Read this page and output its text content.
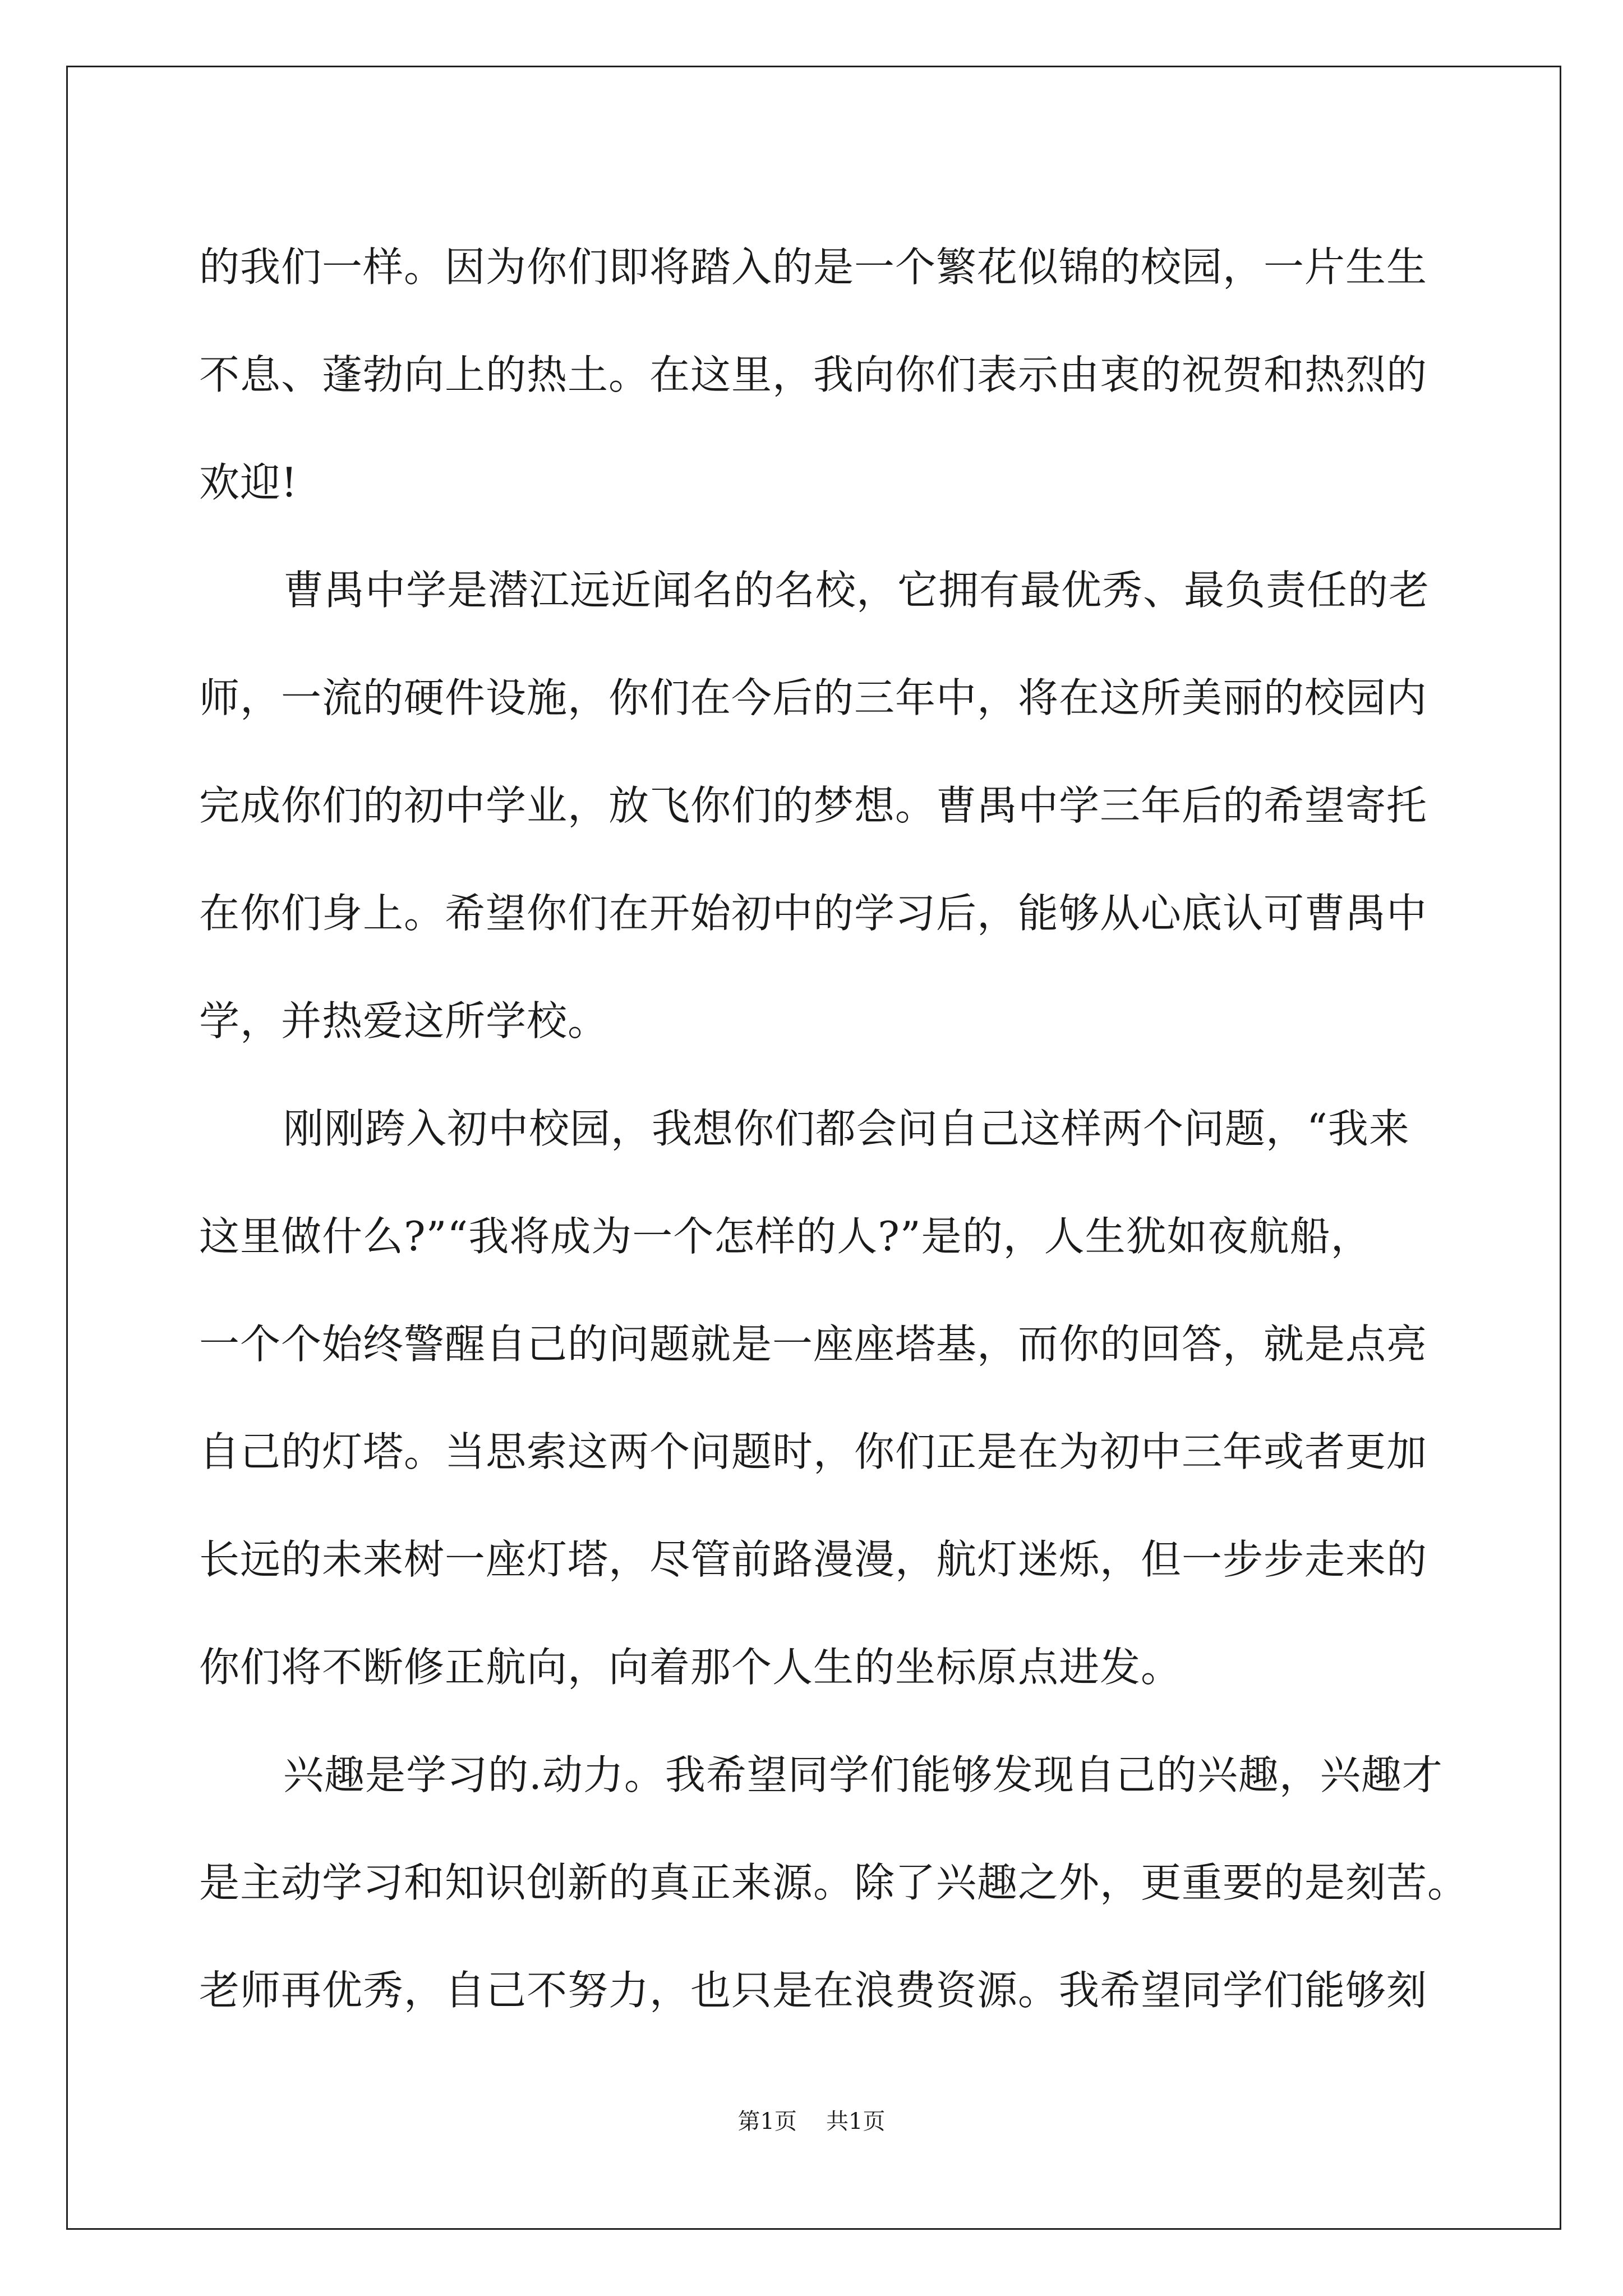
的我们一样。因为你们即将踏入的是一个繁花似锦的校园，一片生生
不息、蓬勃向上的热土。在这里，我向你们表示由衷的祝贺和热烈的
欢迎!
曹禺中学是潜江远近闻名的名校，它拥有最优秀、最负责任的老
师，一流的硬件设施，你们在今后的三年中，将在这所美丽的校园内
完成你们的初中学业，放飞你们的梦想。曹禺中学三年后的希望寄托
在你们身上。希望你们在开始初中的学习后，能够从心底认可曹禺中
学，并热爱这所学校。
刚刚跨入初中校园，我想你们都会问自己这样两个问题，“我来
这里做什么?”“我将成为一个怎样的人?”是的，人生犹如夜航船，
一个个始终警醒自己的问题就是一座座塔基，而你的回答，就是点亮
自己的灯塔。当思索这两个问题时，你们正是在为初中三年或者更加
长远的未来树一座灯塔，尽管前路漫漫，航灯迷烁，但一步步走来的
你们将不断修正航向，向着那个人生的坐标原点进发。
兴趣是学习的.动力。我希望同学们能够发现自己的兴趣，兴趣才
是主动学习和知识创新的真正来源。除了兴趣之外，更重要的是刻苦。
老师再优秀，自己不努力，也只是在浪费资源。我希望同学们能够刻
第1页 共1页
